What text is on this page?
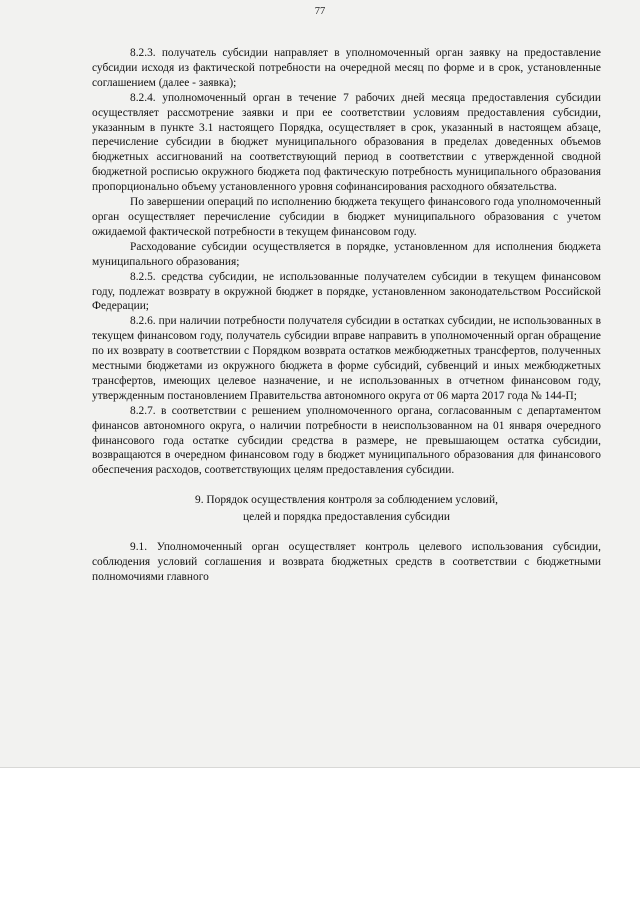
77

8.2.3. получатель субсидии направляет в уполномоченный орган заявку на предоставление субсидии исходя из фактической потребности на очередной месяц по форме и в срок, установленные соглашением (далее - заявка);

8.2.4. уполномоченный орган в течение 7 рабочих дней месяца предоставления субсидии осуществляет рассмотрение заявки и при ее соответствии условиям предоставления субсидии, указанным в пункте 3.1 настоящего Порядка, осуществляет в срок, указанный в настоящем абзаце, перечисление субсидии в бюджет муниципального образования в пределах доведенных объемов бюджетных ассигнований на соответствующий период в соответствии с утвержденной сводной бюджетной росписью окружного бюджета под фактическую потребность муниципального образования пропорционально объему установленного уровня софинансирования расходного обязательства.

По завершении операций по исполнению бюджета текущего финансового года уполномоченный орган осуществляет перечисление субсидии в бюджет муниципального образования с учетом ожидаемой фактической потребности в текущем финансовом году.

Расходование субсидии осуществляется в порядке, установленном для исполнения бюджета муниципального образования;

8.2.5. средства субсидии, не использованные получателем субсидии в текущем финансовом году, подлежат возврату в окружной бюджет в порядке, установленном законодательством Российской Федерации;

8.2.6. при наличии потребности получателя субсидии в остатках субсидии, не использованных в текущем финансовом году, получатель субсидии вправе направить в уполномоченный орган обращение по их возврату в соответствии с Порядком возврата остатков межбюджетных трансфертов, полученных местными бюджетами из окружного бюджета в форме субсидий, субвенций и иных межбюджетных трансфертов, имеющих целевое назначение, и не использованных в отчетном финансовом году, утвержденным постановлением Правительства автономного округа от 06 марта 2017 года № 144-П;

8.2.7. в соответствии с решением уполномоченного органа, согласованным с департаментом финансов автономного округа, о наличии потребности в неиспользованном на 01 января очередного финансового года остатке субсидии средства в размере, не превышающем остатка субсидии, возвращаются в очередном финансовом году в бюджет муниципального образования для финансового обеспечения расходов, соответствующих целям предоставления субсидии.

9. Порядок осуществления контроля за соблюдением условий,
целей и порядка предоставления субсидии

9.1. Уполномоченный орган осуществляет контроль целевого использования субсидии, соблюдения условий соглашения и возврата бюджетных средств в соответствии с бюджетными полномочиями главного
